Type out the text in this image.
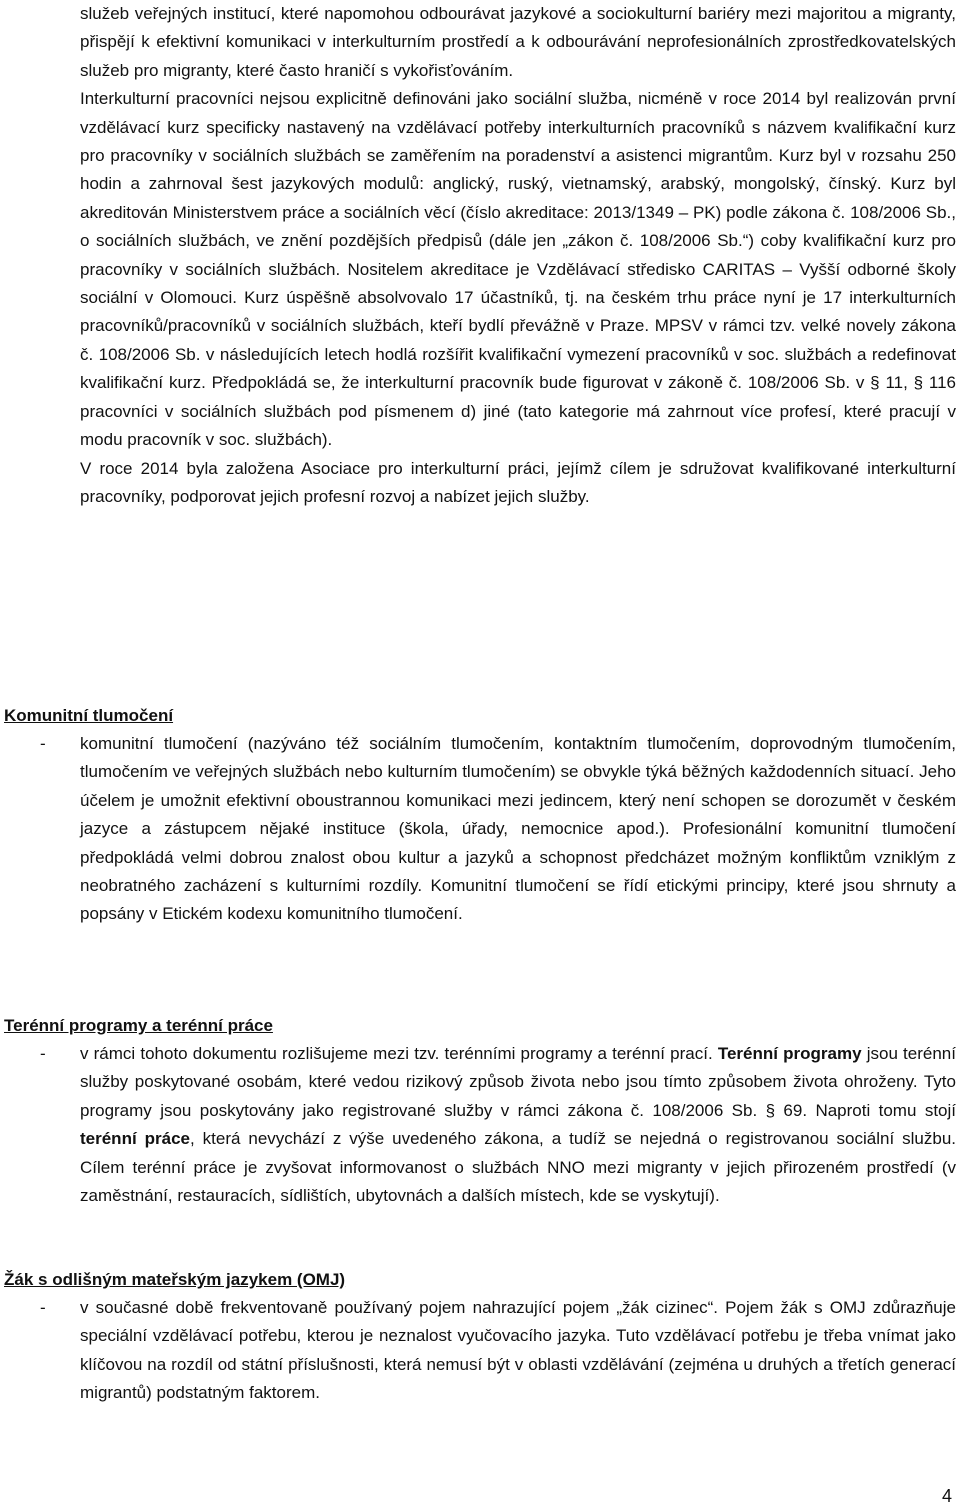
služeb veřejných institucí, které napomohou odbourávat jazykové a sociokulturní bariéry mezi majoritou a migranty, přispějí k efektivní komunikaci v interkulturním prostředí a k odbourávání neprofesionálních zprostředkovatelských služeb pro migranty, které často hraničí s vykořisťováním.

Interkulturní pracovníci nejsou explicitně definováni jako sociální služba, nicméně v roce 2014 byl realizován první vzdělávací kurz specificky nastavený na vzdělávací potřeby interkulturních pracovníků s názvem kvalifikační kurz pro pracovníky v sociálních službách se zaměřením na poradenství a asistenci migrantům. Kurz byl v rozsahu 250 hodin a zahrnoval šest jazykových modulů: anglický, ruský, vietnamský, arabský, mongolský, čínský. Kurz byl akreditován Ministerstvem práce a sociálních věcí (číslo akreditace: 2013/1349 – PK) podle zákona č. 108/2006 Sb., o sociálních službách, ve znění pozdějších předpisů (dále jen „zákon č. 108/2006 Sb.“) coby kvalifikační kurz pro pracovníky v sociálních službách. Nositelem akreditace je Vzdělávací středisko CARITAS – Vyšší odborné školy sociální v Olomouci. Kurz úspěšně absolvovalo 17 účastníků, tj. na českém trhu práce nyní je 17 interkulturních pracovníků/pracovníků v sociálních službách, kteří bydlí převážně v Praze. MPSV v rámci tzv. velké novely zákona č. 108/2006 Sb. v následujících letech hodlá rozšířit kvalifikační vymezení pracovníků v soc. službách a redefinovat kvalifikační kurz. Předpokládá se, že interkulturní pracovník bude figurovat v zákoně č. 108/2006 Sb. v § 11, § 116 pracovníci v sociálních službách pod písmenem d) jiné (tato kategorie má zahrnout více profesí, které pracují v modu pracovník v soc. službách).

V roce 2014 byla založena Asociace pro interkulturní práci, jejímž cílem je sdružovat kvalifikované interkulturní pracovníky, podporovat jejich profesní rozvoj a nabízet jejich služby.

Komunitní tlumočení
- komunitní tlumočení (nazýváno též sociálním tlumočením, kontaktním tlumočením, doprovodným tlumočením, tlumočením ve veřejných službách nebo kulturním tlumočením) se obvykle týká běžných každodenních situací. Jeho účelem je umožnit efektivní oboustrannou komunikaci mezi jedincem, který není schopen se dorozumět v českém jazyce a zástupcem nějaké instituce (škola, úřady, nemocnice apod.). Profesionální komunitní tlumočení předpokládá velmi dobrou znalost obou kultur a jazyků a schopnost předcházet možným konfliktům vzniklým z neobratného zacházení s kulturními rozdíly. Komunitní tlumočení se řídí etickými principy, které jsou shrnuty a popsány v Etickém kodexu komunitního tlumočení.
Terénní programy a terénní práce
- v rámci tohoto dokumentu rozlišujeme mezi tzv. terénními programy a terénní prací. Terénní programy jsou terénní služby poskytované osobám, které vedou rizikový způsob života nebo jsou tímto způsobem života ohroženy. Tyto programy jsou poskytovány jako registrované služby v rámci zákona č. 108/2006 Sb. § 69. Naproti tomu stojí terénní práce, která nevychází z výše uvedeného zákona, a tudíž se nejedná o registrovanou sociální službu. Cílem terénní práce je zvyšovat informovanost o službách NNO mezi migranty v jejich přirozeném prostředí (v zaměstnání, restauracích, sídlištích, ubytovnách a dalších místech, kde se vyskytují).
Žák s odlišným mateřským jazykem (OMJ)
- v současné době frekventovaně používaný pojem nahrazující pojem „žák cizinec“. Pojem žák s OMJ zdůrazňuje speciální vzdělávací potřebu, kterou je neznalost vyučovacího jazyka. Tuto vzdělávací potřebu je třeba vnímat jako klíčovou na rozdíl od státní příslušnosti, která nemusí být v oblasti vzdělávání (zejména u druhých a třetích generací migrantů) podstatným faktorem.
4
